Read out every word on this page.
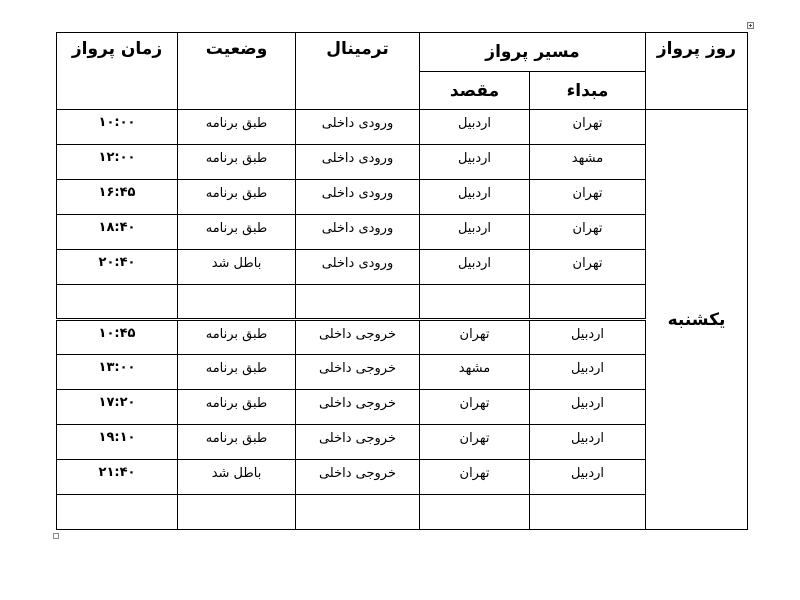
زمان پرواز	وضعیت	ترمینال	مسیر پرواز		روز پرواز

			مقصد	مبداء	
۱۰:۰۰	طبق برنامه	ورودی داخلی	اردبیل	تهران	یکشنبه
۱۲:۰۰	طبق برنامه	ورودی داخلی	اردبیل	مشهد	
۱۶:۴۵	طبق برنامه	ورودی داخلی	اردبیل	تهران	
۱۸:۴۰	طبق برنامه	ورودی داخلی	اردبیل	تهران	
۲۰:۴۰	باطل شد	ورودی داخلی	اردبیل	تهران	

۱۰:۴۵	طبق برنامه	خروجی داخلی	تهران	اردبیل	
۱۳:۰۰	طبق برنامه	خروجی داخلی	مشهد	اردبیل	
۱۷:۲۰	طبق برنامه	خروجی داخلی	تهران	اردبیل	
۱۹:۱۰	طبق برنامه	خروجی داخلی	تهران	اردبیل	
۲۱:۴۰	باطل شد	خروجی داخلی	تهران	اردبیل	
